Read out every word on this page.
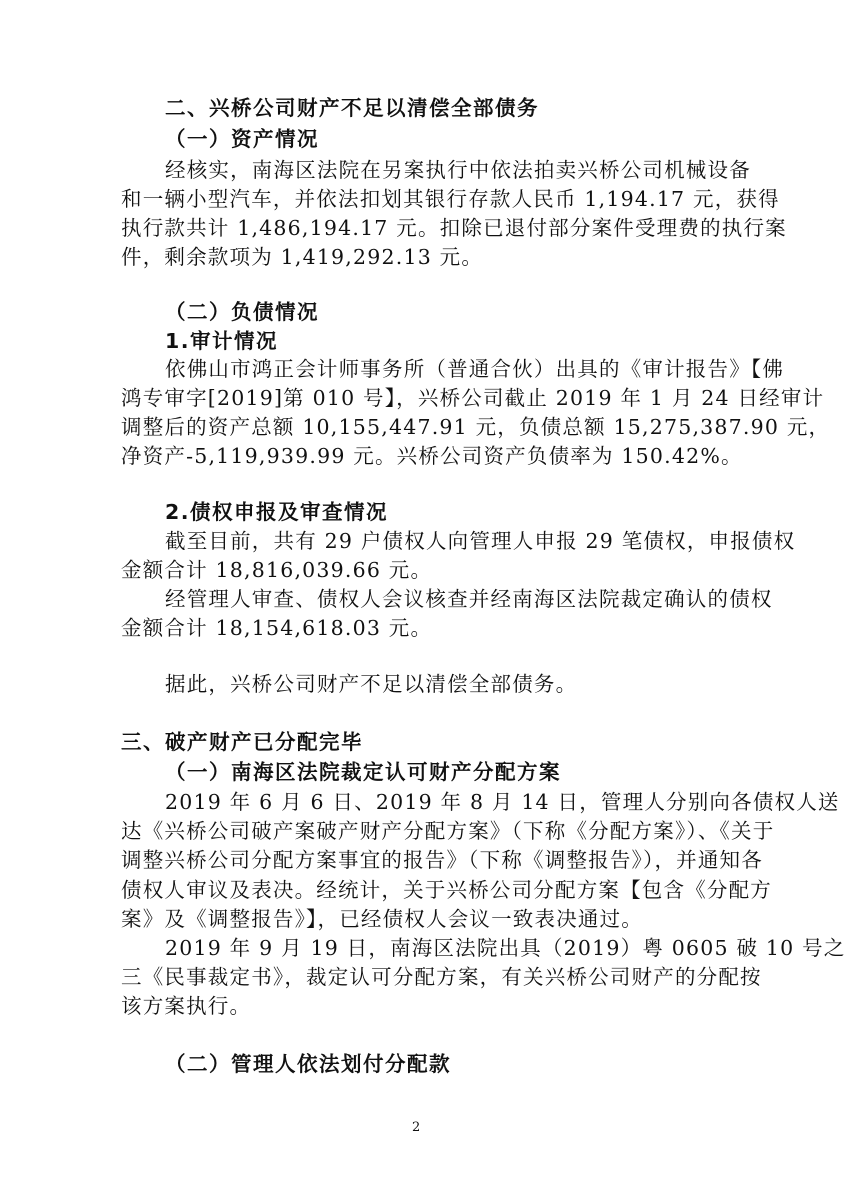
二、兴桥公司财产不足以清偿全部债务

（一）资产情况

经核实，南海区法院在另案执行中依法拍卖兴桥公司机械设备

和一辆小型汽车，并依法扣划其银行存款人民币 1,194.17 元，获得

执行款共计 1,486,194.17 元。扣除已退付部分案件受理费的执行案

件，剩余款项为 1,419,292.13 元。

（二）负债情况

1.审计情况

依佛山市鸿正会计师事务所（普通合伙）出具的《审计报告》【佛

鸿专审字[2019]第 010 号】，兴桥公司截止 2019 年 1 月 24 日经审计

调整后的资产总额 10,155,447.91 元，负债总额 15,275,387.90 元，

净资产-5,119,939.99 元。兴桥公司资产负债率为 150.42%。

2.债权申报及审查情况

截至目前，共有 29 户债权人向管理人申报 29 笔债权，申报债权

金额合计 18,816,039.66 元。

经管理人审查、债权人会议核查并经南海区法院裁定确认的债权

金额合计 18,154,618.03 元。

据此，兴桥公司财产不足以清偿全部债务。

三、破产财产已分配完毕

（一）南海区法院裁定认可财产分配方案

2019 年 6 月 6 日、2019 年 8 月 14 日，管理人分别向各债权人送

达《兴桥公司破产案破产财产分配方案》（下称《分配方案》）、《关于

调整兴桥公司分配方案事宜的报告》（下称《调整报告》），并通知各

债权人审议及表决。经统计，关于兴桥公司分配方案【包含《分配方

案》及《调整报告》】，已经债权人会议一致表决通过。

2019 年 9 月 19 日，南海区法院出具（2019）粤 0605 破 10 号之

三《民事裁定书》，裁定认可分配方案，有关兴桥公司财产的分配按

该方案执行。

（二）管理人依法划付分配款

2
